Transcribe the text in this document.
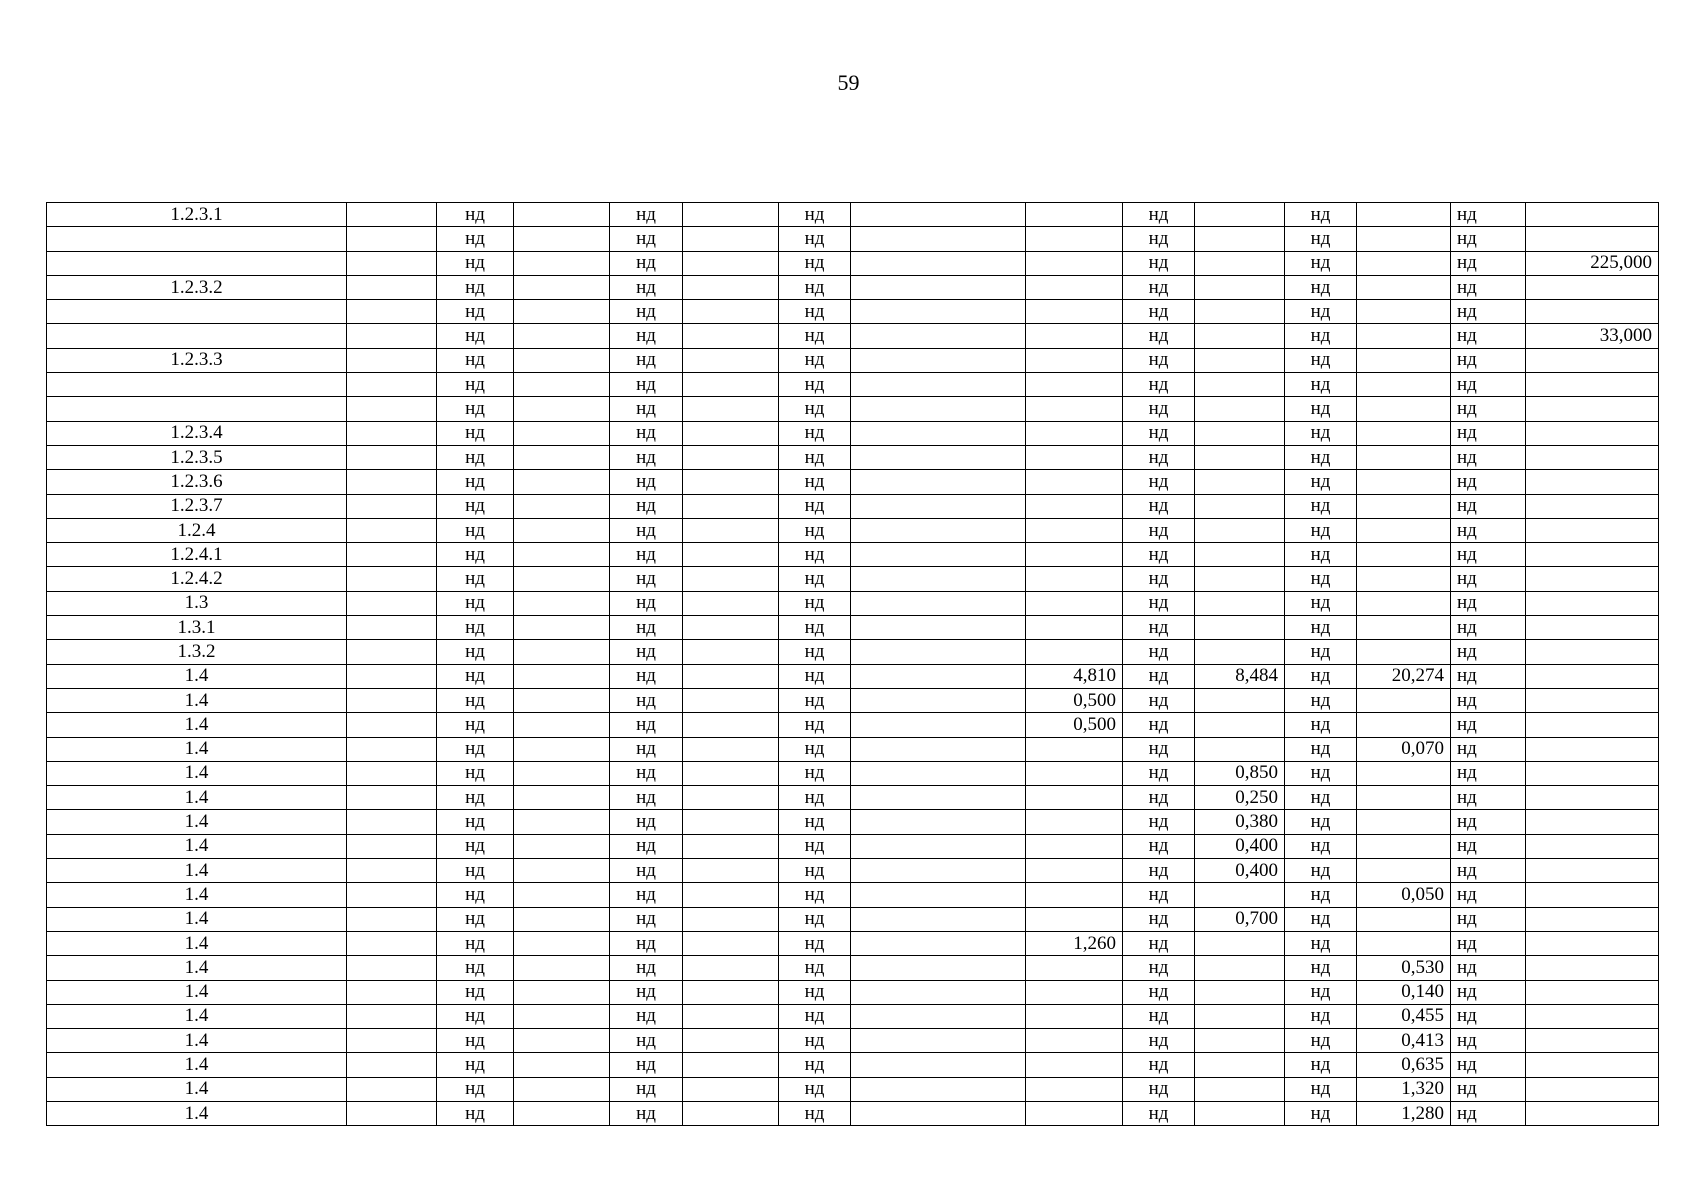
59
1.2.3.1		нд		нд		нд			нд		нд		нд	
		нд		нд		нд			нд		нд		нд	
		нд		нд		нд			нд		нд		нд	225,000
1.2.3.2		нд		нд		нд			нд		нд		нд	
		нд		нд		нд			нд		нд		нд	
		нд		нд		нд			нд		нд		нд	33,000
1.2.3.3		нд		нд		нд			нд		нд		нд	
		нд		нд		нд			нд		нд		нд	
		нд		нд		нд			нд		нд		нд	
1.2.3.4		нд		нд		нд			нд		нд		нд	
1.2.3.5		нд		нд		нд			нд		нд		нд	
1.2.3.6		нд		нд		нд			нд		нд		нд	
1.2.3.7		нд		нд		нд			нд		нд		нд	
1.2.4		нд		нд		нд			нд		нд		нд	
1.2.4.1		нд		нд		нд			нд		нд		нд	
1.2.4.2		нд		нд		нд			нд		нд		нд	
1.3		нд		нд		нд			нд		нд		нд	
1.3.1		нд		нд		нд			нд		нд		нд	
1.3.2		нд		нд		нд			нд		нд		нд	
1.4		нд		нд		нд		4,810	нд	8,484	нд	20,274	нд	
1.4		нд		нд		нд		0,500	нд		нд		нд	
1.4		нд		нд		нд		0,500	нд		нд		нд	
1.4		нд		нд		нд			нд		нд	0,070	нд	
1.4		нд		нд		нд			нд	0,850	нд		нд	
1.4		нд		нд		нд			нд	0,250	нд		нд	
1.4		нд		нд		нд			нд	0,380	нд		нд	
1.4		нд		нд		нд			нд	0,400	нд		нд	
1.4		нд		нд		нд			нд	0,400	нд		нд	
1.4		нд		нд		нд			нд		нд	0,050	нд	
1.4		нд		нд		нд			нд	0,700	нд		нд	
1.4		нд		нд		нд		1,260	нд		нд		нд	
1.4		нд		нд		нд			нд		нд	0,530	нд	
1.4		нд		нд		нд			нд		нд	0,140	нд	
1.4		нд		нд		нд			нд		нд	0,455	нд	
1.4		нд		нд		нд			нд		нд	0,413	нд	
1.4		нд		нд		нд			нд		нд	0,635	нд	
1.4		нд		нд		нд			нд		нд	1,320	нд	
1.4		нд		нд		нд			нд		нд	1,280	нд	
